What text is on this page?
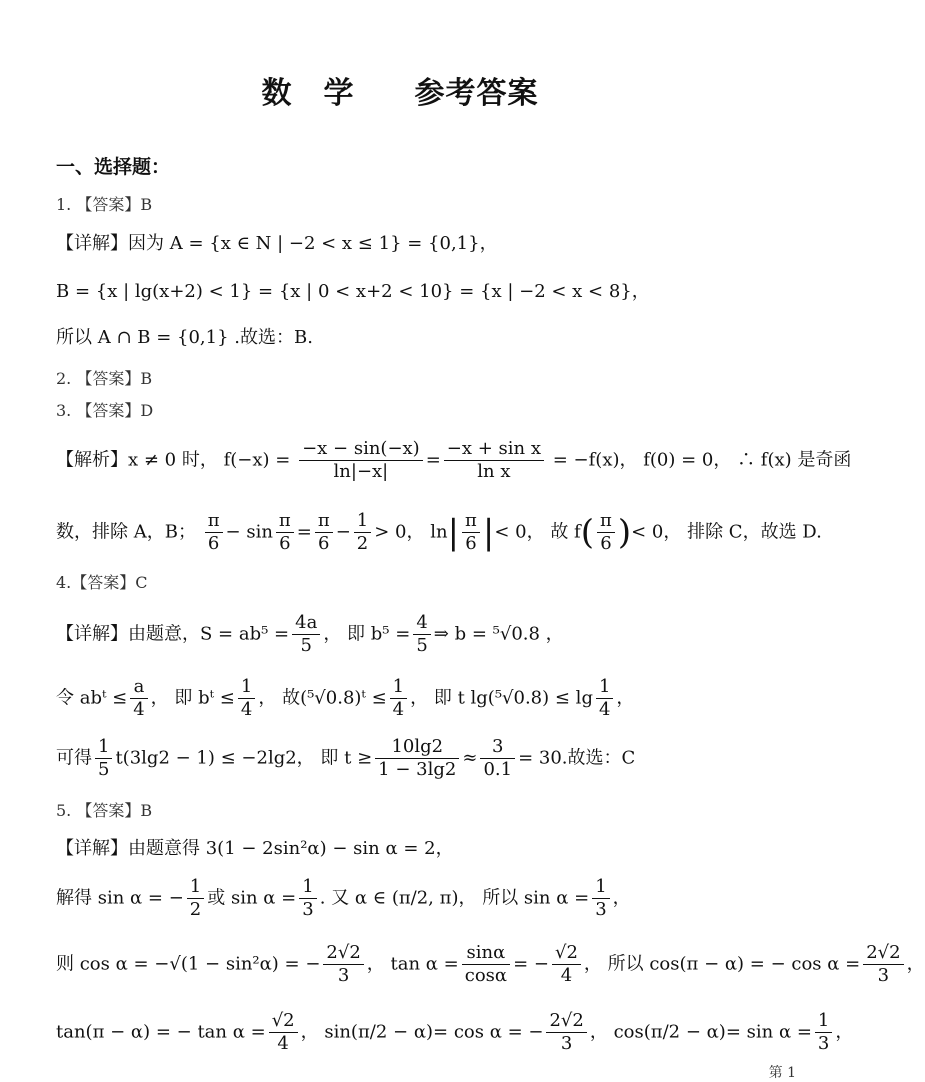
数　学 参考答案
一、选择题：
1. 【答案】B
【详解】因为 A = {x ∈ N | −2 < x ≤ 1} = {0,1}，
B = {x | lg(x+2) < 1} = {x | 0 < x+2 < 10} = {x | −2 < x < 8}，
所以 A ∩ B = {0,1} .故选：B.
2. 【答案】B
3. 【答案】D
【解析】x ≠ 0 时， $f(-x) = \frac{-x - \sin(-x)}{\ln|-x|} = \frac{\text{−x + sin x}}{\text{ln x}} = -f(x)$， f(0) = 0， ∴ f(x) 是奇函
数，排除 A，B； $\frac{\pi}{6} - \sin \frac{\pi}{6} = \frac{\pi}{6} - \frac{1}{2} > 0$， $\ln| \frac{\pi}{6}$ |< 0， 故 $f( \frac{\pi}{6}$ )< 0， 排除 C，故选 D.
4.【答案】C
【详解】由题意，$S = ab^5 = \frac{4a}{5}$ ， 即 $b^5 = \frac{4}{5}$ ⇒ b = ⁵√0.8 ，
令 abᵗ ≤ $\frac{a}{4}$ ， 即 bᵗ ≤ $\frac{1}{4}$ ， 故(⁵√0.8)ᵗ ≤ $\frac{1}{4}$ ， 即 t $\lg(^5√0.8) \le \lg \frac{1}{4}$ ，
可得 $\frac{1}{5} t(3\lg 2 - 1) \le -2\lg 2$， 即 $t \ge \frac{10\lg 2}{1 - 3\lg 2} \approx \frac{3}{0.1} = 30$.故选：C
5. 【答案】B
【详解】由题意得 3(1 − 2sin²α) − sin α = 2，
解得 sin α = − $\frac{1}{2}$ 或 $\sin \alpha = \frac{1}{3}$ . 又 α ∈ (π/2, π)， 所以 $\sin \alpha = \frac{1}{3}$ ，
则 cos α = −√(1 − sin²α) = − $\frac{2√2}{3}$ ， $\tan \alpha = \frac{\sin\alpha}{\cos\alpha}$ = − $\frac{√2}{4}$ ， 所以 cos(π − α) = − $\cos \alpha = \frac{2√2}{3}$ ，
tan(π − α) = − $\tan \alpha = \frac{√2}{4}$ ， sin(π/2 − α)= cos α = − $\frac{2√2}{3}$ ， $\cos(\pi/2 - \alpha)= \sin \alpha = \frac{1}{3}$ ，
第 1
